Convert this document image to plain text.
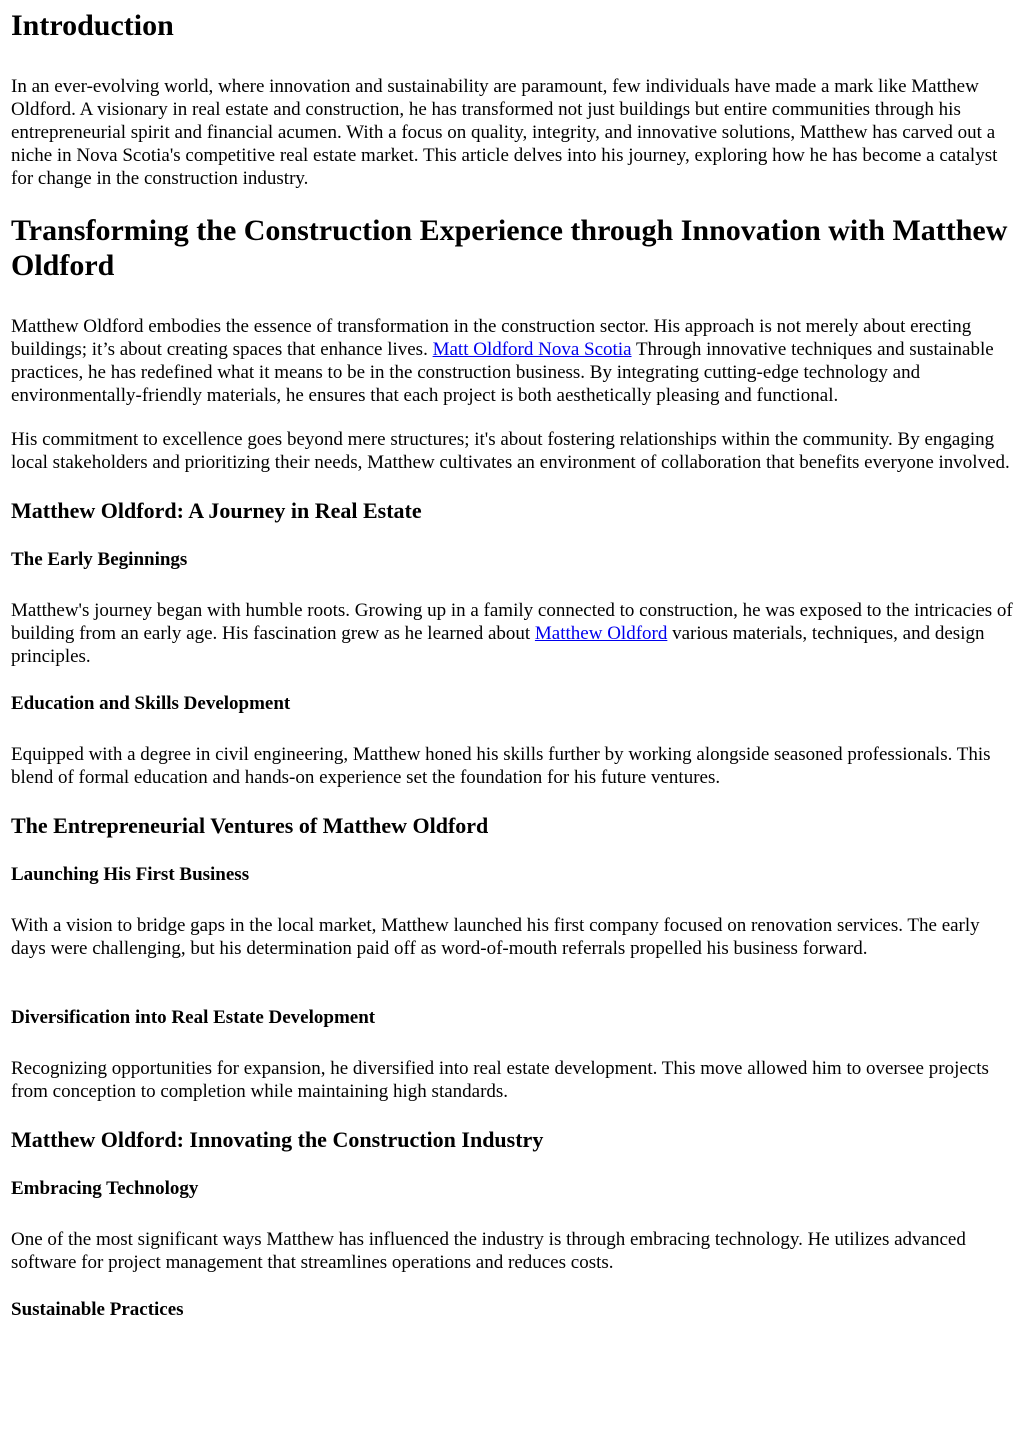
Introduction

In an ever-evolving world, where innovation and sustainability are paramount, few individuals have made a mark like Matthew Oldford. A visionary in real estate and construction, he has transformed not just buildings but entire communities through his entrepreneurial spirit and financial acumen. With a focus on quality, integrity, and innovative solutions, Matthew has carved out a niche in Nova Scotia's competitive real estate market. This article delves into his journey, exploring how he has become a catalyst for change in the construction industry.

Transforming the Construction Experience through Innovation with Matthew Oldford

Matthew Oldford embodies the essence of transformation in the construction sector. His approach is not merely about erecting buildings; it’s about creating spaces that enhance lives. Matt Oldford Nova Scotia Through innovative techniques and sustainable practices, he has redefined what it means to be in the construction business. By integrating cutting-edge technology and environmentally-friendly materials, he ensures that each project is both aesthetically pleasing and functional.

His commitment to excellence goes beyond mere structures; it's about fostering relationships within the community. By engaging local stakeholders and prioritizing their needs, Matthew cultivates an environment of collaboration that benefits everyone involved.

Matthew Oldford: A Journey in Real Estate
The Early Beginnings

Matthew's journey began with humble roots. Growing up in a family connected to construction, he was exposed to the intricacies of building from an early age. His fascination grew as he learned about Matthew Oldford various materials, techniques, and design principles.

Education and Skills Development

Equipped with a degree in civil engineering, Matthew honed his skills further by working alongside seasoned professionals. This blend of formal education and hands-on experience set the foundation for his future ventures.

The Entrepreneurial Ventures of Matthew Oldford
Launching His First Business

With a vision to bridge gaps in the local market, Matthew launched his first company focused on renovation services. The early days were challenging, but his determination paid off as word-of-mouth referrals propelled his business forward.

Diversification into Real Estate Development

Recognizing opportunities for expansion, he diversified into real estate development. This move allowed him to oversee projects from conception to completion while maintaining high standards.

Matthew Oldford: Innovating the Construction Industry
Embracing Technology

One of the most significant ways Matthew has influenced the industry is through embracing technology. He utilizes advanced software for project management that streamlines operations and reduces costs.

Sustainable Practices
